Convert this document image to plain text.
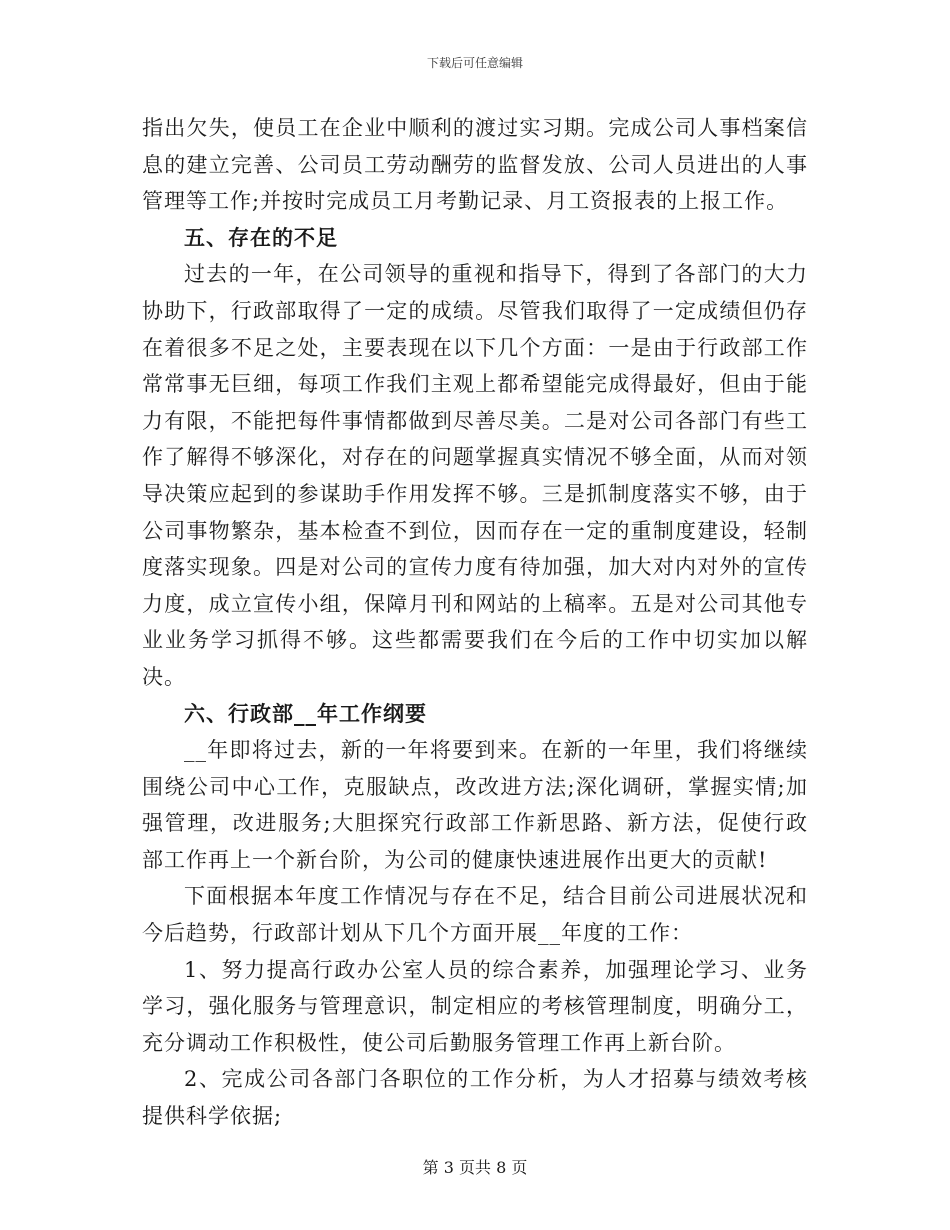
下载后可任意编辑

指出欠失，使员工在企业中顺利的渡过实习期。完成公司人事档案信息的建立完善、公司员工劳动酬劳的监督发放、公司人员进出的人事管理等工作;并按时完成员工月考勤记录、月工资报表的上报工作。

五、存在的不足

过去的一年，在公司领导的重视和指导下，得到了各部门的大力协助下，行政部取得了一定的成绩。尽管我们取得了一定成绩但仍存在着很多不足之处，主要表现在以下几个方面：一是由于行政部工作常常事无巨细，每项工作我们主观上都希望能完成得最好，但由于能力有限，不能把每件事情都做到尽善尽美。二是对公司各部门有些工作了解得不够深化，对存在的问题掌握真实情况不够全面，从而对领导决策应起到的参谋助手作用发挥不够。三是抓制度落实不够，由于公司事物繁杂，基本检查不到位，因而存在一定的重制度建设，轻制度落实现象。四是对公司的宣传力度有待加强，加大对内对外的宣传力度，成立宣传小组，保障月刊和网站的上稿率。五是对公司其他专业业务学习抓得不够。这些都需要我们在今后的工作中切实加以解决。

六、行政部__年工作纲要

__年即将过去，新的一年将要到来。在新的一年里，我们将继续围绕公司中心工作，克服缺点，改改进方法;深化调研，掌握实情;加强管理，改进服务;大胆探究行政部工作新思路、新方法，促使行政部工作再上一个新台阶，为公司的健康快速进展作出更大的贡献!

下面根据本年度工作情况与存在不足，结合目前公司进展状况和今后趋势，行政部计划从下几个方面开展__年度的工作：

1、努力提高行政办公室人员的综合素养，加强理论学习、业务学习，强化服务与管理意识，制定相应的考核管理制度，明确分工，充分调动工作积极性，使公司后勤服务管理工作再上新台阶。

2、完成公司各部门各职位的工作分析，为人才招募与绩效考核提供科学依据;

第 3 页共 8 页
